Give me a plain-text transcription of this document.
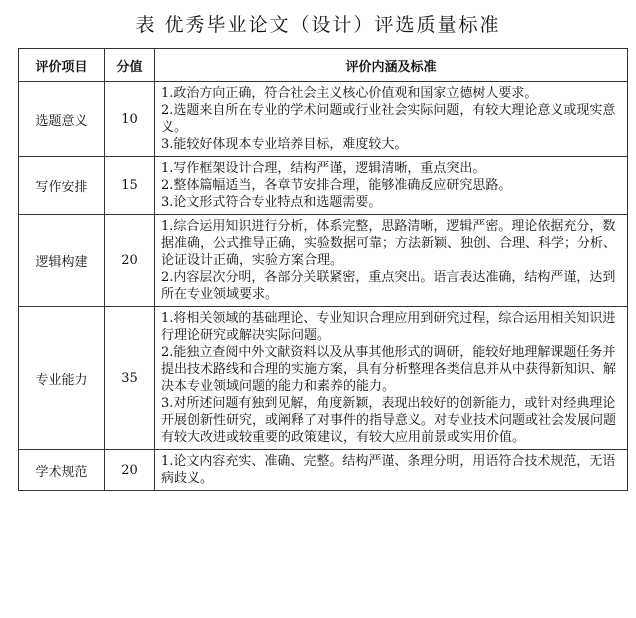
表 优秀毕业论文（设计）评选质量标准
评价项目	分值	评价内涵及标准
选题意义	10	1.政治方向正确，符合社会主义核心价值观和国家立德树人要求。

2.选题来自所在专业的学术问题或行业社会实际问题，有较大理论意义或现实意义。

3.能较好体现本专业培养目标，难度较大。

写作安排	15	1.写作框架设计合理，结构严谨，逻辑清晰，重点突出。

2.整体篇幅适当，各章节安排合理，能够准确反应研究思路。

3.论文形式符合专业特点和选题需要。

逻辑构建	20	1.综合运用知识进行分析，体系完整，思路清晰，逻辑严密。理论依据充分，数据准确，公式推导正确，实验数据可靠；方法新颖、独创、合理、科学；分析、论证设计正确，实验方案合理。

2.内容层次分明，各部分关联紧密，重点突出。语言表达准确，结构严谨，达到所在专业领域要求。

专业能力	35	1.将相关领域的基础理论、专业知识合理应用到研究过程，综合运用相关知识进行理论研究或解决实际问题。

2.能独立查阅中外文献资料以及从事其他形式的调研，能较好地理解课题任务并提出技术路线和合理的实施方案，具有分析整理各类信息并从中获得新知识、解决本专业领域问题的能力和素养的能力。

3.对所述问题有独到见解，角度新颖，表现出较好的创新能力，或针对经典理论开展创新性研究，或阐释了对事件的指导意义。对专业技术问题或社会发展问题有较大改进或较重要的政策建议，有较大应用前景或实用价值。

学术规范	20	1.论文内容充实、准确、完整。结构严谨、条理分明，用语符合技术规范，无语病歧义。
